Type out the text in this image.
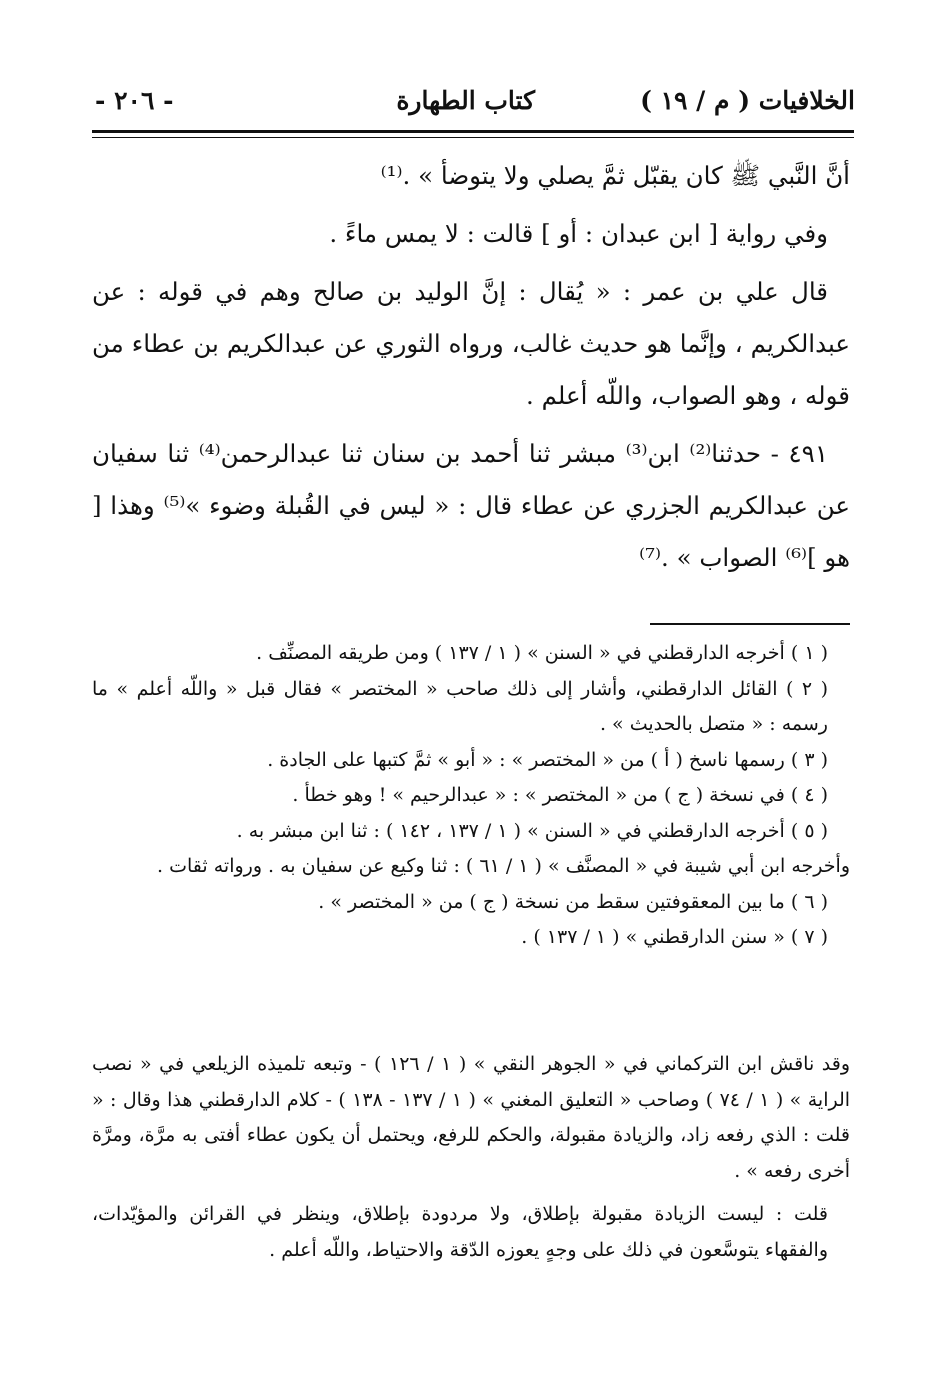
الخلافيات ( م / ١٩ )
كتاب الطهارة
- ٢٠٦ -

أنَّ النَّبي ﷺ كان يقبّل ثمَّ يصلي ولا يتوضأ » .⁽¹⁾

وفي رواية [ ابن عبدان : أو ] قالت : لا يمس ماءً .

قال علي بن عمر : « يُقال : إنَّ الوليد بن صالح وهم في قوله : عن عبدالكريم ، وإنَّما هو حديث غالب، ورواه الثوري عن عبدالكريم بن عطاء من قوله ، وهو الصواب، واللّه أعلم .

٤٩١ - حدثنا⁽²⁾ ابن⁽³⁾ مبشر ثنا أحمد بن سنان ثنا عبدالرحمن⁽⁴⁾ ثنا سفيان عن عبدالكريم الجزري عن عطاء قال : « ليس في القُبلة وضوء »⁽⁵⁾ وهذا [ هو ]⁽⁶⁾ الصواب » .⁽⁷⁾

( ١ ) أخرجه الدارقطني في « السنن » ( ١ / ١٣٧ ) ومن طريقه المصنِّف .

( ٢ ) القائل الدارقطني، وأشار إلى ذلك صاحب « المختصر » فقال قبل « واللّه أعلم » ما رسمه : « متصل بالحديث » .

( ٣ ) رسمها ناسخ ( أ ) من « المختصر » : « أبو » ثمَّ كتبها على الجادة .

( ٤ ) في نسخة ( ج ) من « المختصر » : « عبدالرحيم » ! وهو خطأ .

( ٥ ) أخرجه الدارقطني في « السنن » ( ١ / ١٣٧ ، ١٤٢ ) : ثنا ابن مبشر به .

وأخرجه ابن أبي شيبة في « المصنَّف » ( ١ / ٦١ ) : ثنا وكيع عن سفيان به . ورواته ثقات .

( ٦ ) ما بين المعقوفتين سقط من نسخة ( ج ) من « المختصر » .

( ٧ ) « سنن الدارقطني » ( ١ / ١٣٧ ) .

وقد ناقش ابن التركماني في « الجوهر النقي » ( ١ / ١٢٦ ) - وتبعه تلميذه الزيلعي في « نصب الراية » ( ١ / ٧٤ ) وصاحب « التعليق المغني » ( ١ / ١٣٧ - ١٣٨ ) - كلام الدارقطني هذا وقال : « قلت : الذي رفعه زاد، والزيادة مقبولة، والحكم للرفع، ويحتمل أن يكون عطاء أفتى به مرَّة، ومرَّة أخرى رفعه » .

قلت : ليست الزيادة مقبولة بإطلاق، ولا مردودة بإطلاق، وينظر في القرائن والمؤيّدات، والفقهاء يتوسَّعون في ذلك على وجهٍ يعوزه الدّقة والاحتياط، واللّه أعلم .
